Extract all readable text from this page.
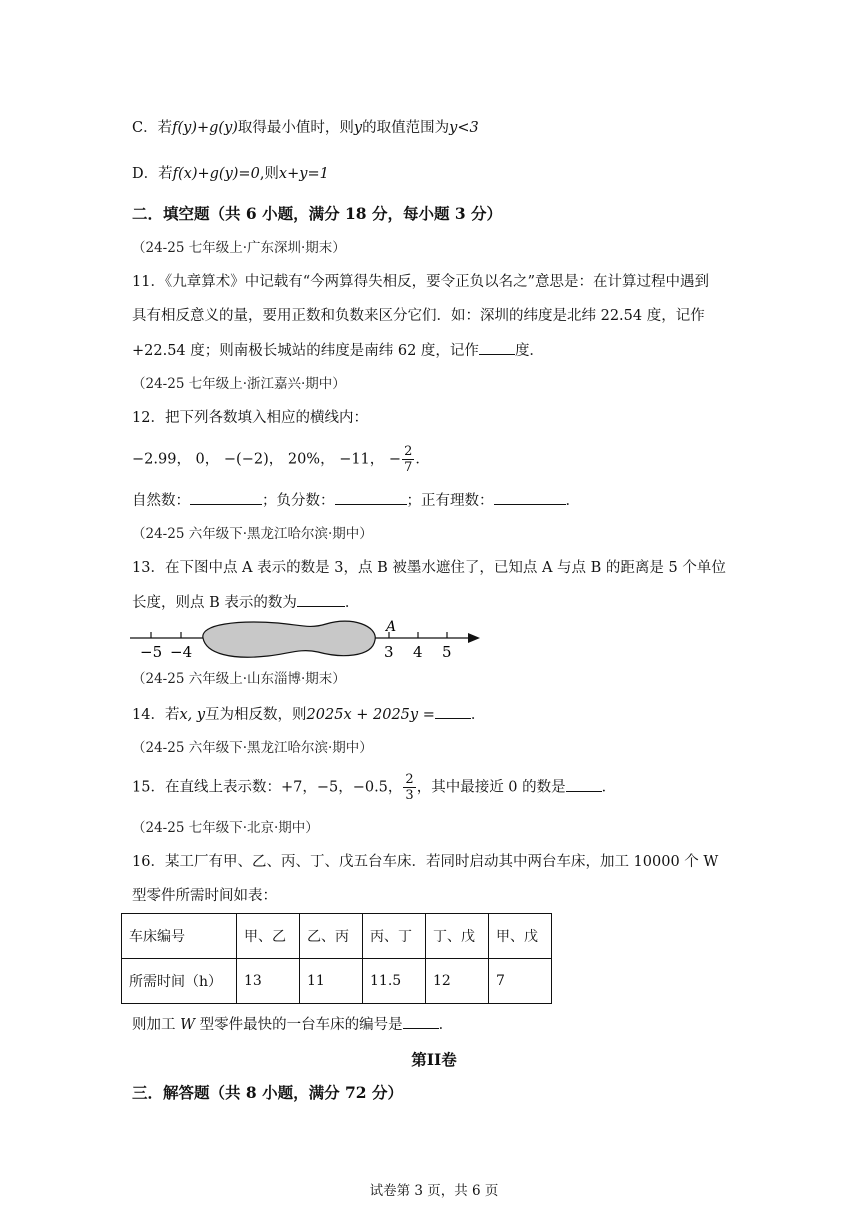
C．若f(y)+g(y)取得最小值时，则y的取值范围为y<3
D．若f(x)+g(y)=0,则x+y=1
二．填空题（共 6 小题，满分 18 分，每小题 3 分）
（24-25 七年级上·广东深圳·期末）
11．《九章算术》中记载有“今两算得失相反，要令正负以名之”意思是：在计算过程中遇到
具有相反意义的量，要用正数和负数来区分它们．如：深圳的纬度是北纬 22.54 度，记作
+22.54 度；则南极长城站的纬度是南纬 62 度，记作 度．
（24-25 七年级上·浙江嘉兴·期中）
12．把下列各数填入相应的横线内：
−2.99， 0， −(−2)， 20%， −11， − $\frac{2}{7}$ ．
自然数：	；负分数：	；正有理数：	．
（24-25 六年级下·黑龙江哈尔滨·期中）
13．在下图中点 A 表示的数是 3，点 B 被墨水遮住了，已知点 A 与点 B 的距离是 5 个单位
长度，则点 B 表示的数为	．
A
−5 −4	3 4 5
（24-25 六年级上·山东淄博·期末）
14．若x, y互为相反数，则2025x + 2025y = ．
（24-25 六年级下·黑龙江哈尔滨·期中）
15．在直线上表示数：+7，−5，−0.5， $\frac{2}{3}$ ，其中最接近 0 的数是 ．
（24-25 七年级下·北京·期中）
16．某工厂有甲、乙、丙、丁、戊五台车床．若同时启动其中两台车床，加工 10000 个 W
型零件所需时间如表：
车床编号	甲、乙	乙、丙	丙、丁	丁、戊	甲、戊
所需时间（h）	13	11	11.5	12	7
则加工 W 型零件最快的一台车床的编号是 ．
第II卷
三．解答题（共 8 小题，满分 72 分）
试卷第 3 页，共 6 页
